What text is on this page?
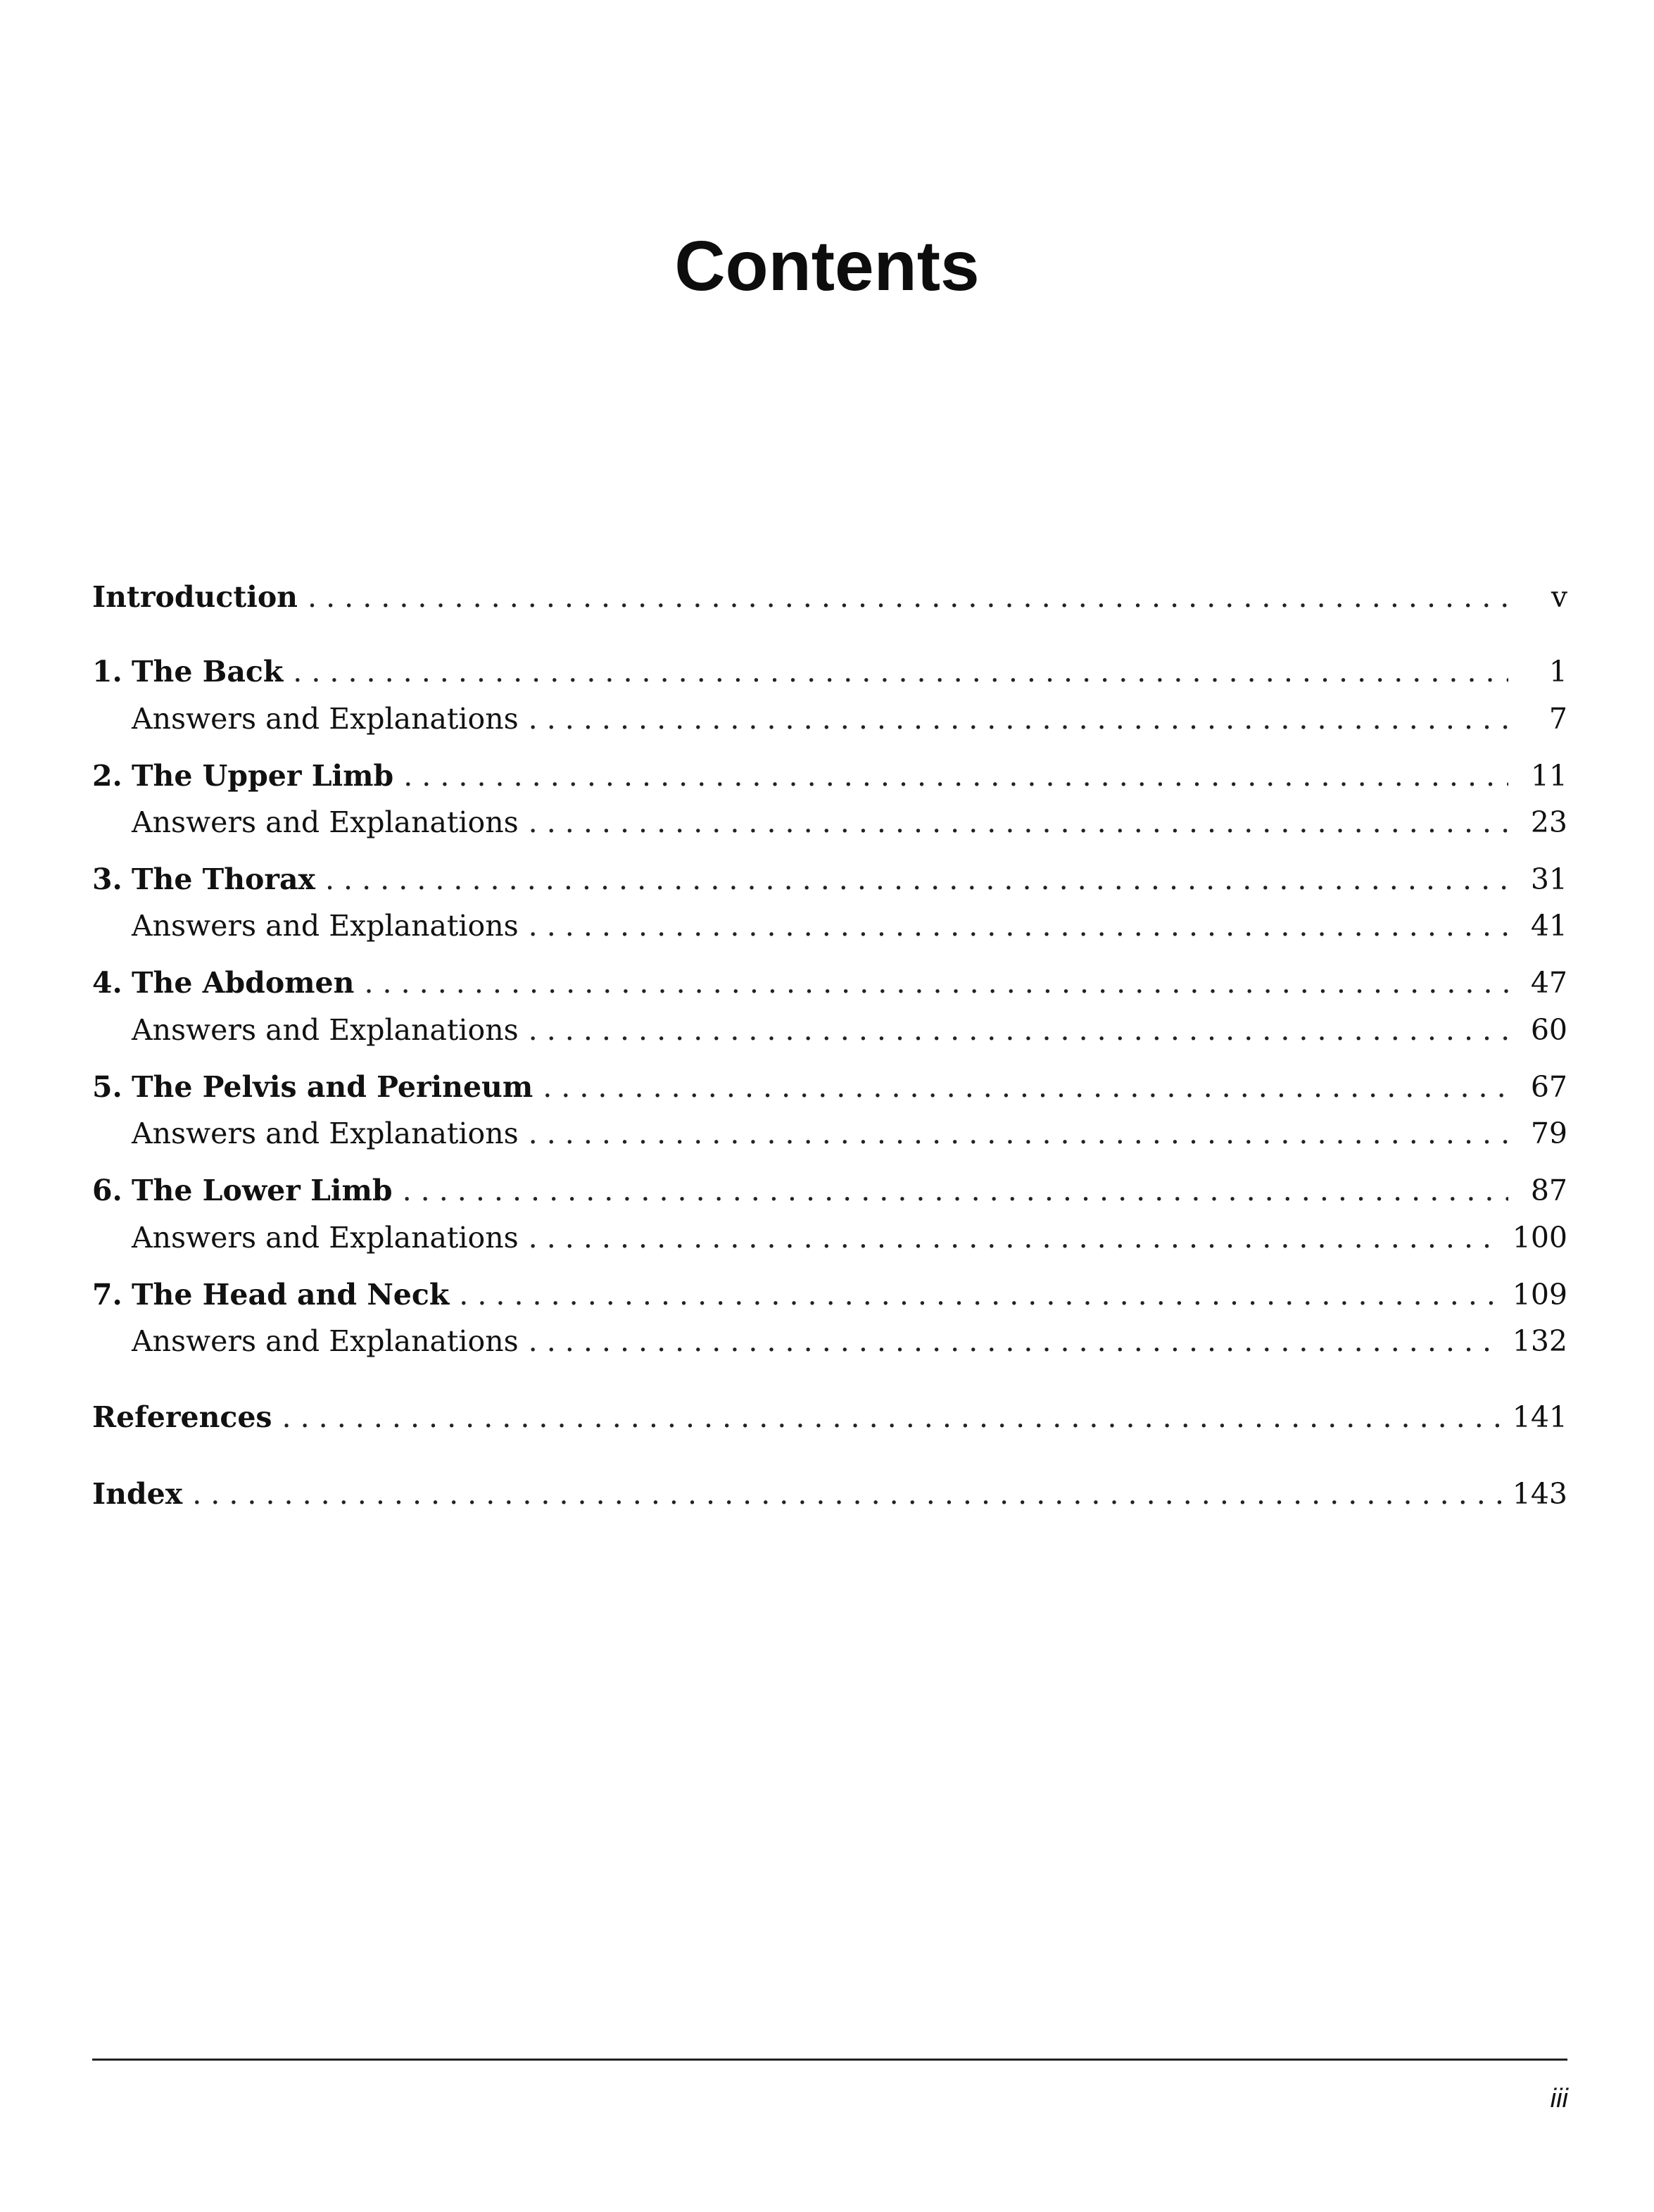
Contents
Introduction . . .	v
1. The Back . . .	1
Answers and Explanations . . .	7
2. The Upper Limb . . .	11
Answers and Explanations . . .	23
3. The Thorax . . .	31
Answers and Explanations . . .	41
4. The Abdomen . . .	47
Answers and Explanations . . .	60
5. The Pelvis and Perineum . . .	67
Answers and Explanations . . .	79
6. The Lower Limb . . .	87
Answers and Explanations . . .	100
7. The Head and Neck . . .	109
Answers and Explanations . . .	132
References . . .	141
Index . . .	143
iii
